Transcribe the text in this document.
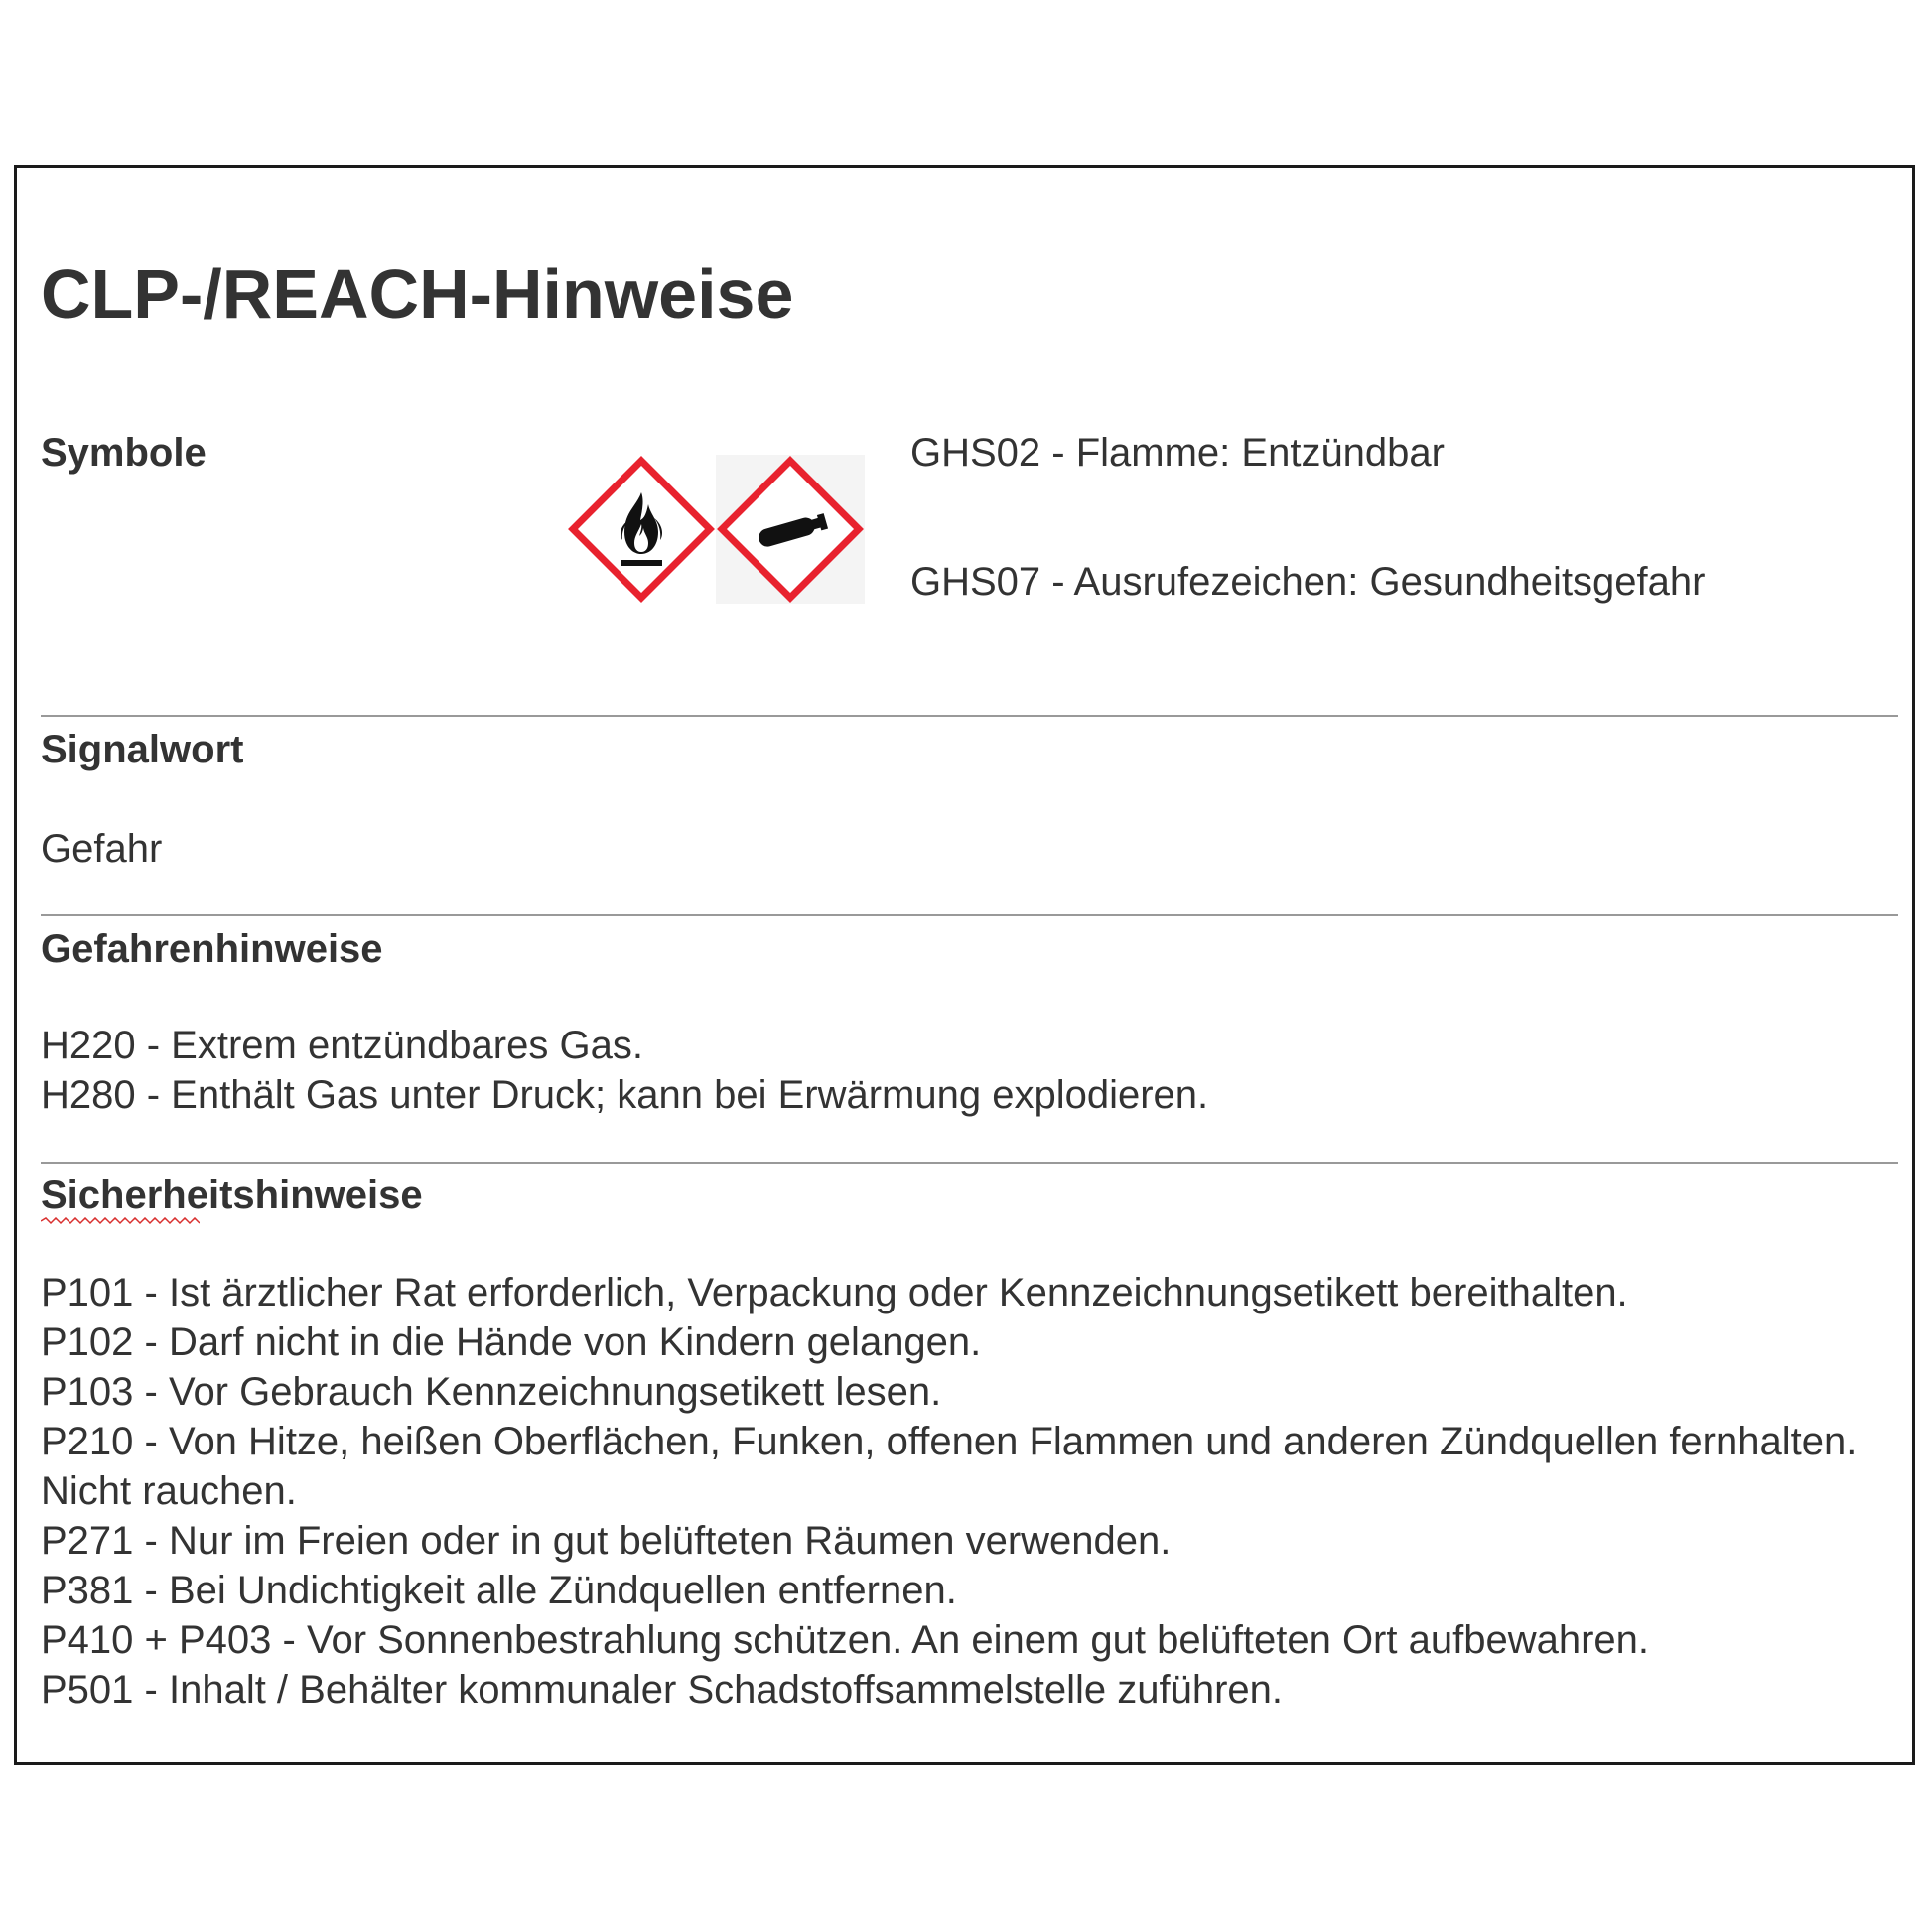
CLP-/REACH-Hinweise
Symbole	GHS02 - Flamme: Entzündbar

GHS07 - Ausrufezeichen: Gesundheitsgefahr

Signalwort

Gefahr

Gefahrenhinweise
H220 - Extrem entzündbares Gas.
H280 - Enthält Gas unter Druck; kann bei Erwärmung explodieren.
Sicherheitshinweise
P101 - Ist ärztlicher Rat erforderlich, Verpackung oder Kennzeichnungsetikett bereithalten.
P102 - Darf nicht in die Hände von Kindern gelangen.
P103 - Vor Gebrauch Kennzeichnungsetikett lesen.
P210 - Von Hitze, heißen Oberflächen, Funken, offenen Flammen und anderen Zündquellen fernhalten. Nicht rauchen.
P271 - Nur im Freien oder in gut belüfteten Räumen verwenden.
P381 - Bei Undichtigkeit alle Zündquellen entfernen.
P410 + P403 - Vor Sonnenbestrahlung schützen. An einem gut belüfteten Ort aufbewahren.
P501 - Inhalt / Behälter kommunaler Schadstoffsammelstelle zuführen.
